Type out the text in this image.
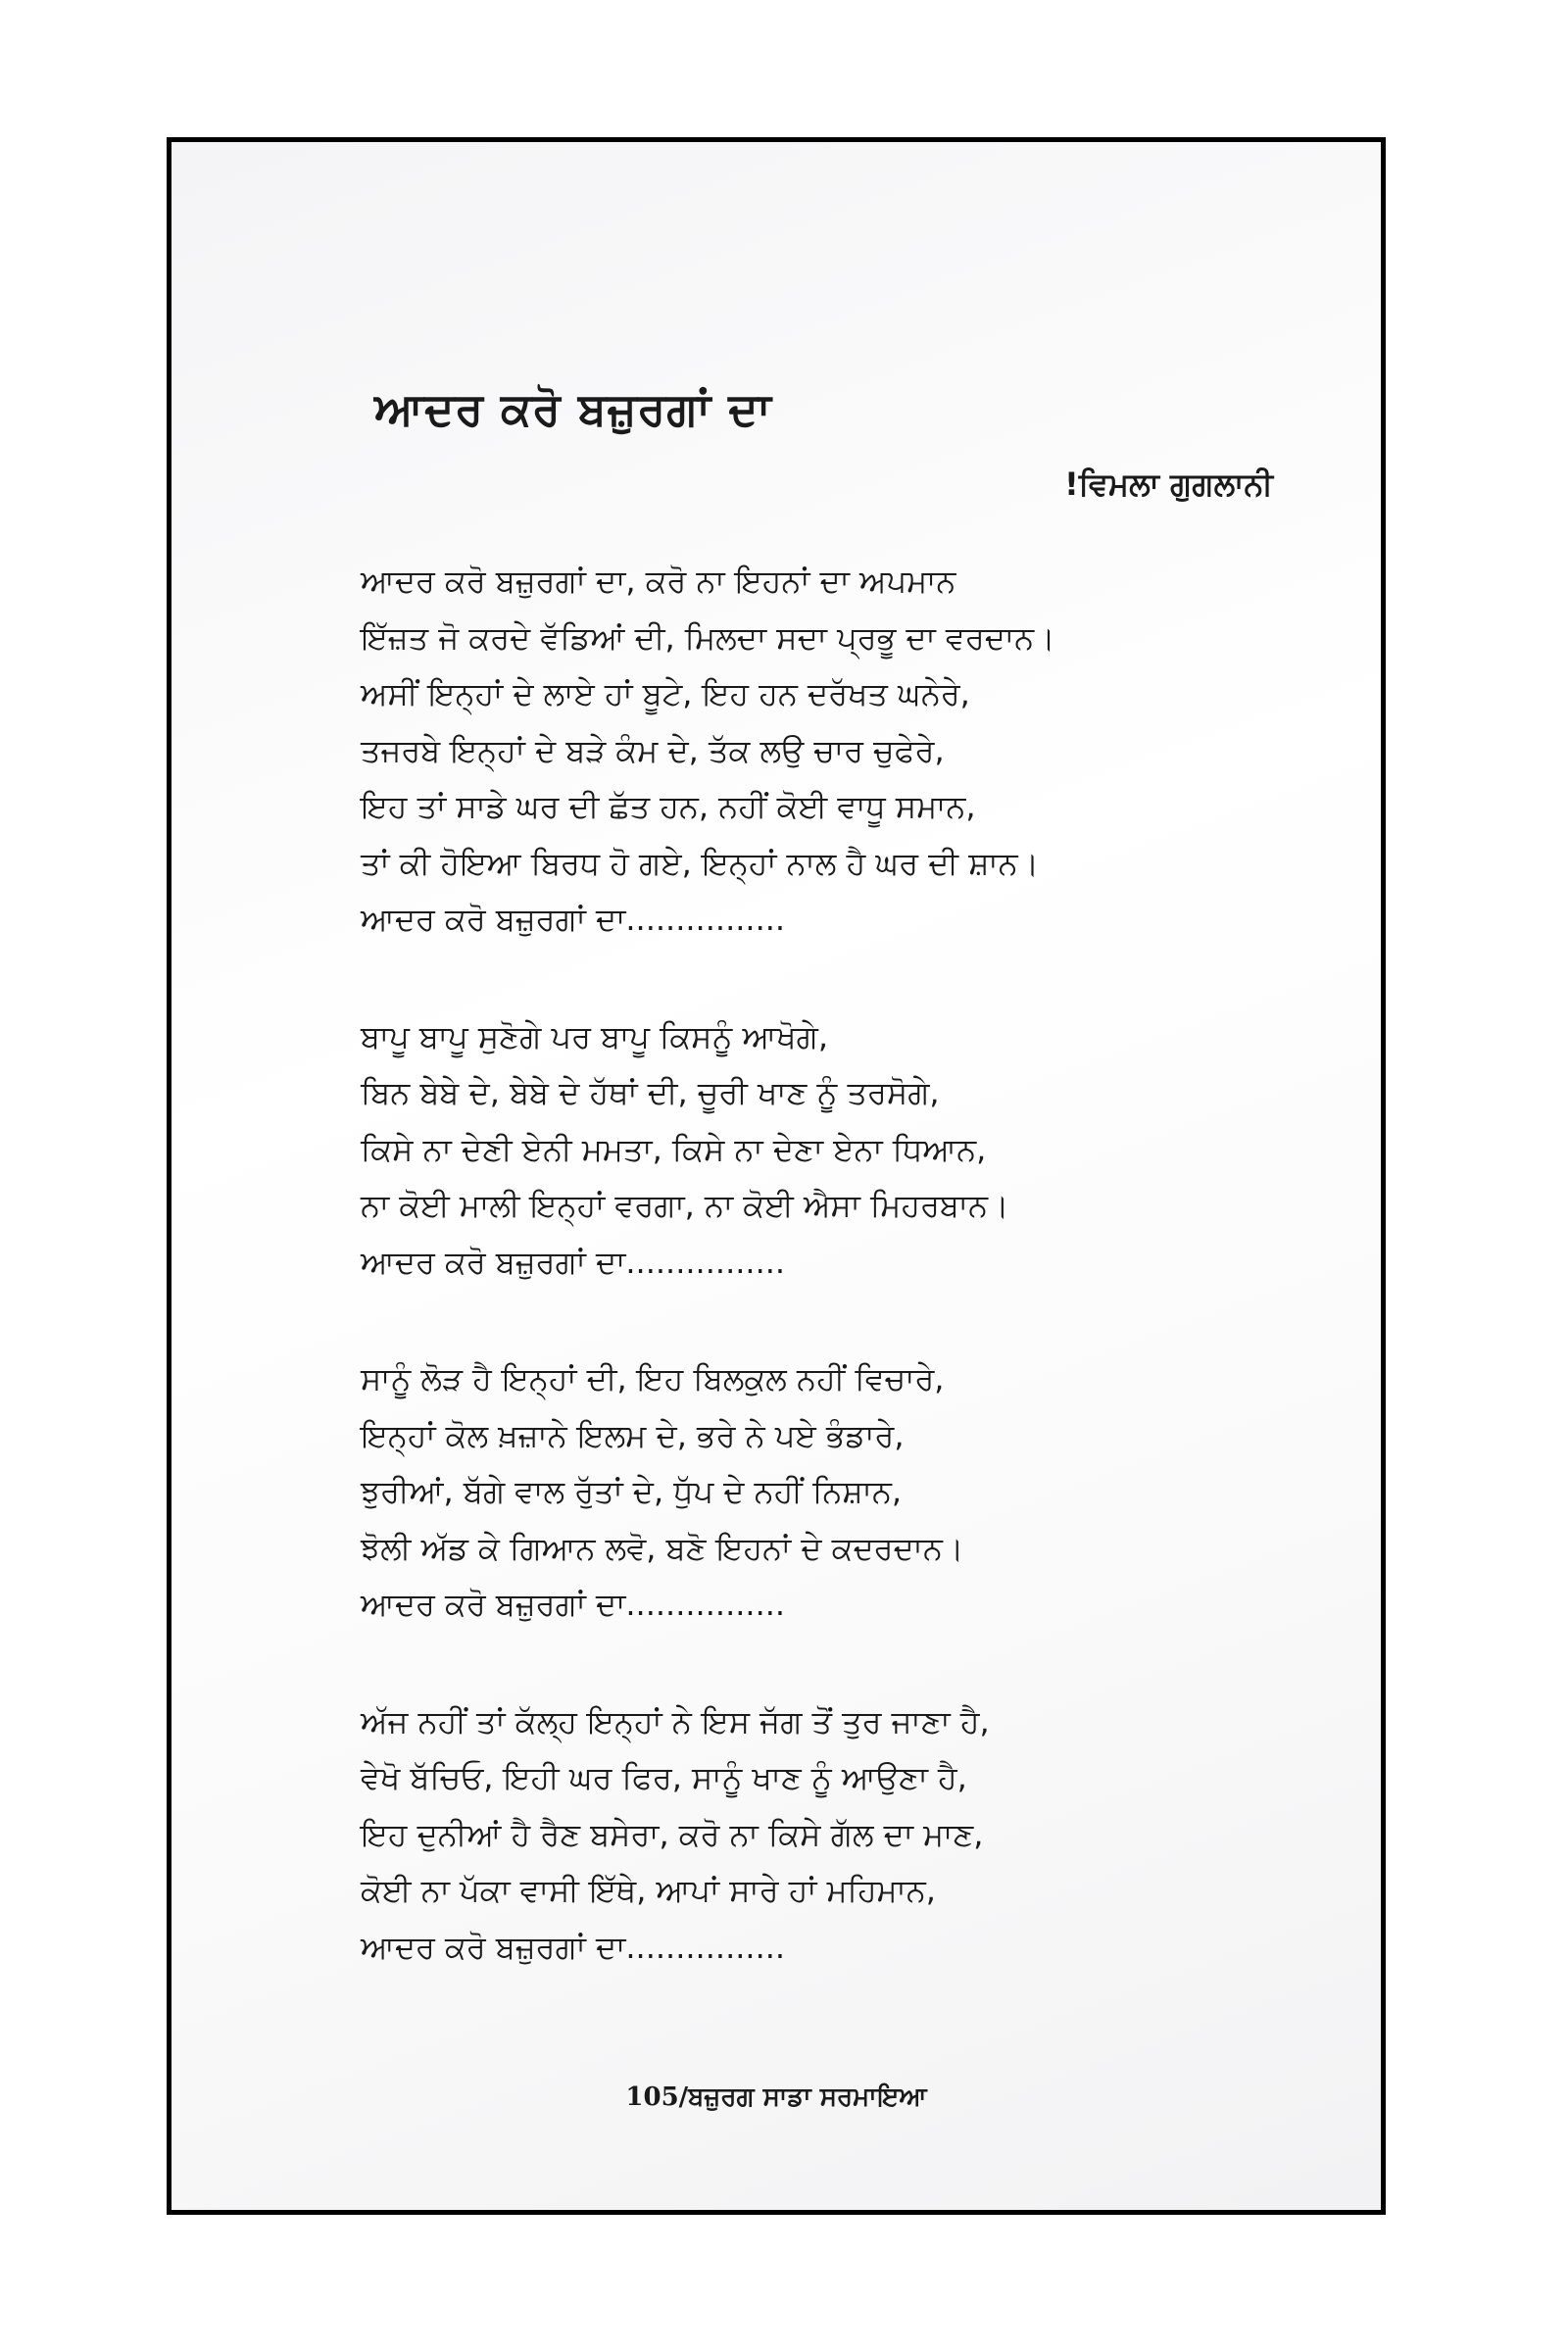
ਆਦਰ ਕਰੋ ਬਜ਼ੁਰਗਾਂ ਦਾ

!ਵਿਮਲਾ ਗੁਗਲਾਨੀ

ਆਦਰ ਕਰੋ ਬਜ਼ੁਰਗਾਂ ਦਾ, ਕਰੋ ਨਾ ਇਹਨਾਂ ਦਾ ਅਪਮਾਨ
ਇੱਜ਼ਤ ਜੋ ਕਰਦੇ ਵੱਡਿਆਂ ਦੀ, ਮਿਲਦਾ ਸਦਾ ਪ੍ਰਭੂ ਦਾ ਵਰਦਾਨ।
ਅਸੀਂ ਇਨ੍ਹਾਂ ਦੇ ਲਾਏ ਹਾਂ ਬੂਟੇ, ਇਹ ਹਨ ਦਰੱਖਤ ਘਨੇਰੇ,
ਤਜਰਬੇ ਇਨ੍ਹਾਂ ਦੇ ਬੜੇ ਕੰਮ ਦੇ, ਤੱਕ ਲਉ ਚਾਰ ਚੁਫੇਰੇ,
ਇਹ ਤਾਂ ਸਾਡੇ ਘਰ ਦੀ ਛੱਤ ਹਨ, ਨਹੀਂ ਕੋਈ ਵਾਧੂ ਸਮਾਨ,
ਤਾਂ ਕੀ ਹੋਇਆ ਬਿਰਧ ਹੋ ਗਏ, ਇਨ੍ਹਾਂ ਨਾਲ ਹੈ ਘਰ ਦੀ ਸ਼ਾਨ।
ਆਦਰ ਕਰੋ ਬਜ਼ੁਰਗਾਂ ਦਾ................
ਬਾਪੂ ਬਾਪੂ ਸੁਣੋਗੇ ਪਰ ਬਾਪੂ ਕਿਸਨੂੰ ਆਖੋਗੇ,
ਬਿਨ ਬੇਬੇ ਦੇ, ਬੇਬੇ ਦੇ ਹੱਥਾਂ ਦੀ, ਚੂਰੀ ਖਾਣ ਨੂੰ ਤਰਸੋਗੇ,
ਕਿਸੇ ਨਾ ਦੇਣੀ ਏਨੀ ਮਮਤਾ, ਕਿਸੇ ਨਾ ਦੇਣਾ ਏਨਾ ਧਿਆਨ,
ਨਾ ਕੋਈ ਮਾਲੀ ਇਨ੍ਹਾਂ ਵਰਗਾ, ਨਾ ਕੋਈ ਐਸਾ ਮਿਹਰਬਾਨ।
ਆਦਰ ਕਰੋ ਬਜ਼ੁਰਗਾਂ ਦਾ................
ਸਾਨੂੰ ਲੋੜ ਹੈ ਇਨ੍ਹਾਂ ਦੀ, ਇਹ ਬਿਲਕੁਲ ਨਹੀਂ ਵਿਚਾਰੇ,
ਇਨ੍ਹਾਂ ਕੋਲ ਖ਼ਜ਼ਾਨੇ ਇਲਮ ਦੇ, ਭਰੇ ਨੇ ਪਏ ਭੰਡਾਰੇ,
ਝੁਰੀਆਂ, ਬੱਗੇ ਵਾਲ ਰੁੱਤਾਂ ਦੇ, ਧੁੱਪ ਦੇ ਨਹੀਂ ਨਿਸ਼ਾਨ,
ਝੋਲੀ ਅੱਡ ਕੇ ਗਿਆਨ ਲਵੋ, ਬਣੋ ਇਹਨਾਂ ਦੇ ਕਦਰਦਾਨ।
ਆਦਰ ਕਰੋ ਬਜ਼ੁਰਗਾਂ ਦਾ................
ਅੱਜ ਨਹੀਂ ਤਾਂ ਕੱਲ੍ਹ ਇਨ੍ਹਾਂ ਨੇ ਇਸ ਜੱਗ ਤੋਂ ਤੁਰ ਜਾਣਾ ਹੈ,
ਵੇਖੋ ਬੱਚਿਓ, ਇਹੀ ਘਰ ਫਿਰ, ਸਾਨੂੰ ਖਾਣ ਨੂੰ ਆਉਣਾ ਹੈ,
ਇਹ ਦੁਨੀਆਂ ਹੈ ਰੈਣ ਬਸੇਰਾ, ਕਰੋ ਨਾ ਕਿਸੇ ਗੱਲ ਦਾ ਮਾਣ,
ਕੋਈ ਨਾ ਪੱਕਾ ਵਾਸੀ ਇੱਥੇ, ਆਪਾਂ ਸਾਰੇ ਹਾਂ ਮਹਿਮਾਨ,
ਆਦਰ ਕਰੋ ਬਜ਼ੁਰਗਾਂ ਦਾ................
105/ਬਜ਼ੁਰਗ ਸਾਡਾ ਸਰਮਾਇਆ
